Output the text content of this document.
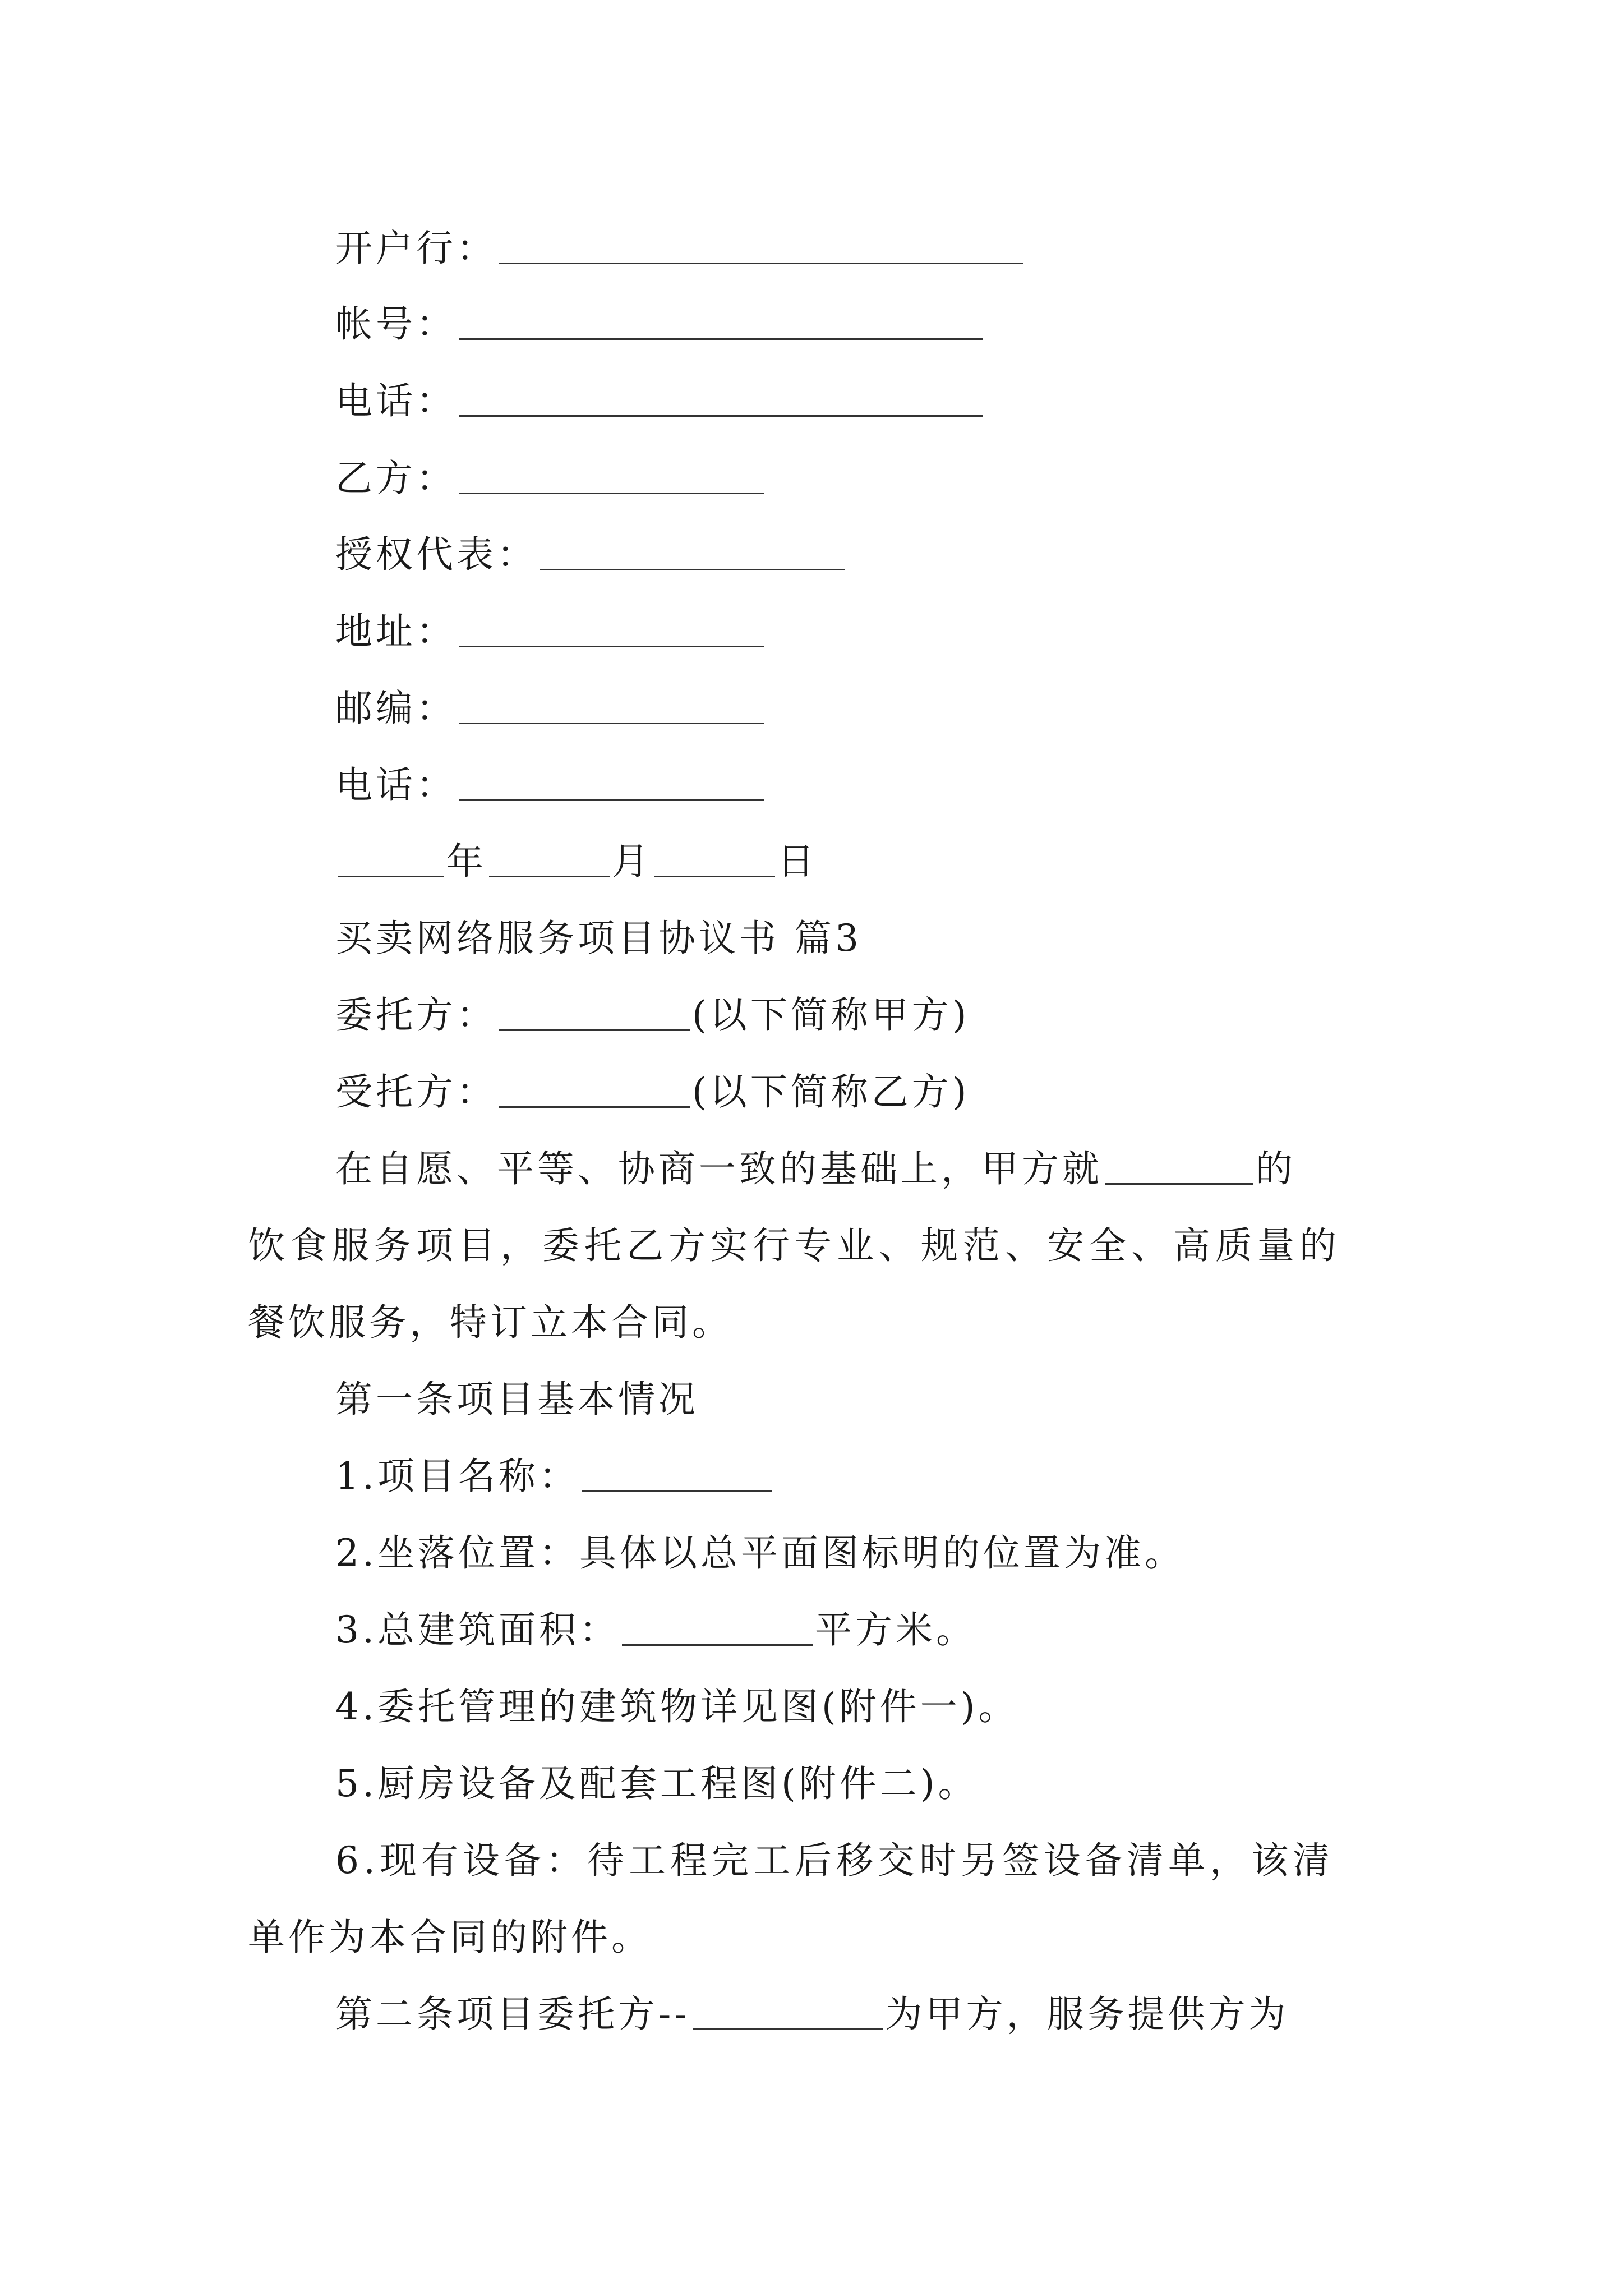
开户行：
帐号：
电话：
乙方：
授权代表：
地址：
邮编：
电话：
年	月	日
买卖网络服务项目协议书 篇3
委托方：	(以下简称甲方)
受托方：	(以下简称乙方)
在自愿、平等、协商一致的基础上，甲方就	的
饮食服务项目，委托乙方实行专业、规范、安全、高质量的
餐饮服务，特订立本合同。
第一条项目基本情况
1.项目名称：
2.坐落位置：具体以总平面图标明的位置为准。
3.总建筑面积：	平方米。
4.委托管理的建筑物详见图(附件一)。
5.厨房设备及配套工程图(附件二)。
6.现有设备：待工程完工后移交时另签设备清单，该清
单作为本合同的附件。
第二条项目委托方--	为甲方，服务提供方为
